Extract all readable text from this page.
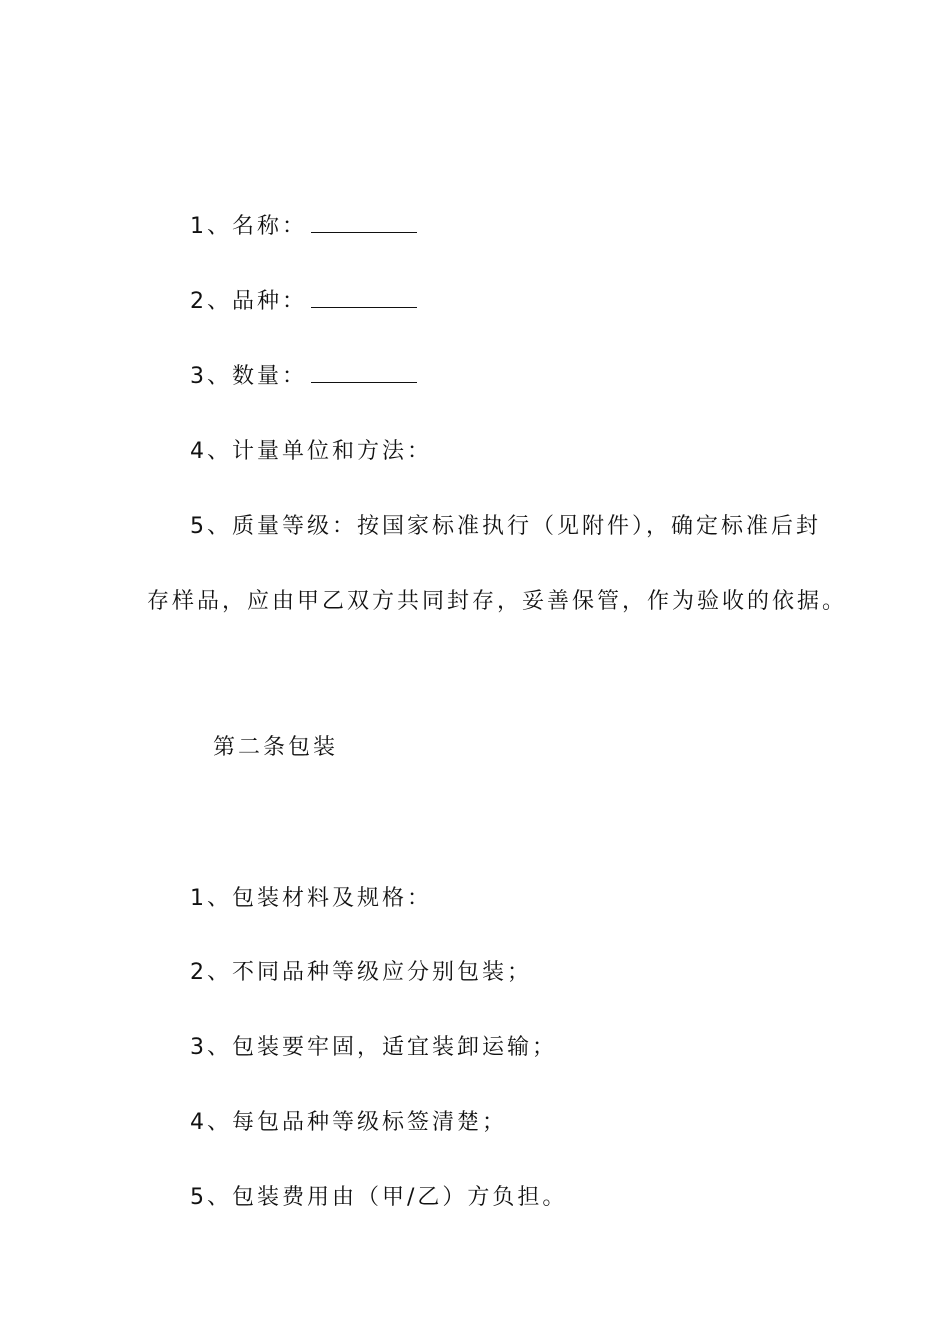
1、名称：
2、品种：
3、数量：
4、计量单位和方法：
5、质量等级：按国家标准执行（见附件），确定标准后封
存样品，应由甲乙双方共同封存，妥善保管，作为验收的依据。
第二条包装
1、包装材料及规格：
2、不同品种等级应分别包装；
3、包装要牢固，适宜装卸运输；
4、每包品种等级标签清楚；
5、包装费用由（甲/乙）方负担。
